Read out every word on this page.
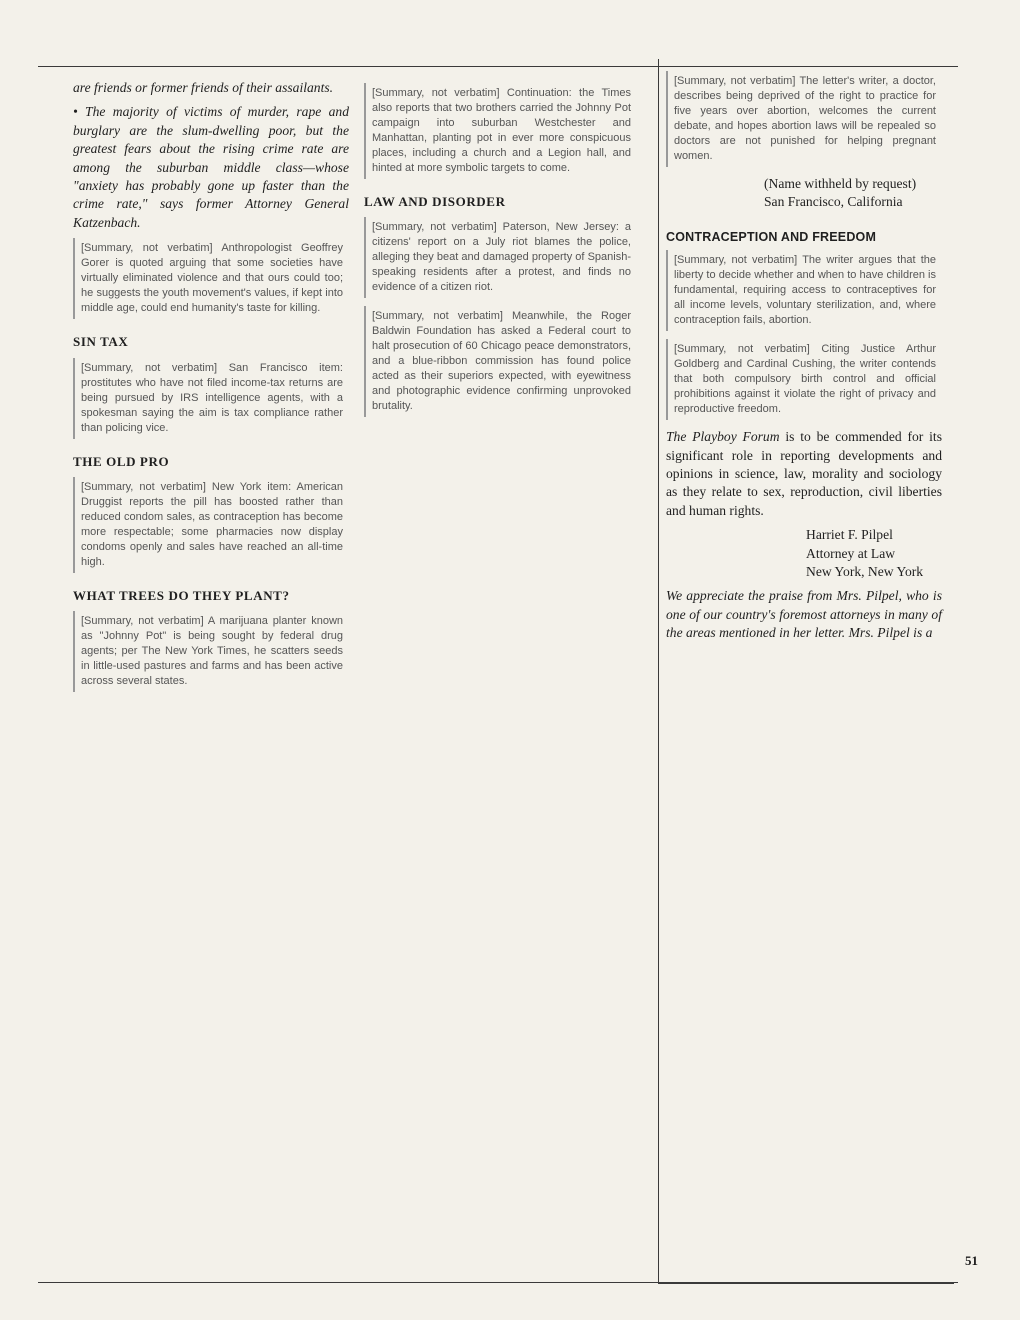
are friends or former friends of their assailants.

• The majority of victims of murder, rape and burglary are the slum-dwelling poor, but the greatest fears about the rising crime rate are among the suburban middle class—whose "anxiety has probably gone up faster than the crime rate," says former Attorney General Katzenbach.

[Summary, not verbatim] Anthropologist Geoffrey Gorer is quoted arguing that some societies have virtually eliminated violence and that ours could too; he suggests the youth movement's values, if kept into middle age, could end humanity's taste for killing.

SIN TAX

[Summary, not verbatim] San Francisco item: prostitutes who have not filed income-tax returns are being pursued by IRS intelligence agents, with a spokesman saying the aim is tax compliance rather than policing vice.

THE OLD PRO

[Summary, not verbatim] New York item: American Druggist reports the pill has boosted rather than reduced condom sales, as contraception has become more respectable; some pharmacies now display condoms openly and sales have reached an all-time high.

WHAT TREES DO THEY PLANT?

[Summary, not verbatim] A marijuana planter known as "Johnny Pot" is being sought by federal drug agents; per The New York Times, he scatters seeds in little-used pastures and farms and has been active across several states.

[Summary, not verbatim] Continuation: the Times also reports that two brothers carried the Johnny Pot campaign into suburban Westchester and Manhattan, planting pot in ever more conspicuous places, including a church and a Legion hall, and hinted at more symbolic targets to come.

LAW AND DISORDER

[Summary, not verbatim] Paterson, New Jersey: a citizens' report on a July riot blames the police, alleging they beat and damaged property of Spanish-speaking residents after a protest, and finds no evidence of a citizen riot.

[Summary, not verbatim] Meanwhile, the Roger Baldwin Foundation has asked a Federal court to halt prosecution of 60 Chicago peace demonstrators, and a blue-ribbon commission has found police acted as their superiors expected, with eyewitness and photographic evidence confirming unprovoked brutality.

[Summary, not verbatim] The letter's writer, a doctor, describes being deprived of the right to practice for five years over abortion, welcomes the current debate, and hopes abortion laws will be repealed so doctors are not punished for helping pregnant women.

(Name withheld by request)
San Francisco, California
CONTRACEPTION AND FREEDOM

[Summary, not verbatim] The writer argues that the liberty to decide whether and when to have children is fundamental, requiring access to contraceptives for all income levels, voluntary sterilization, and, where contraception fails, abortion.

[Summary, not verbatim] Citing Justice Arthur Goldberg and Cardinal Cushing, the writer contends that both compulsory birth control and official prohibitions against it violate the right of privacy and reproductive freedom.

The Playboy Forum is to be commended for its significant role in reporting developments and opinions in science, law, morality and sociology as they relate to sex, reproduction, civil liberties and human rights.

Harriet F. Pilpel
Attorney at Law
New York, New York

We appreciate the praise from Mrs. Pilpel, who is one of our country's foremost attorneys in many of the areas mentioned in her letter. Mrs. Pilpel is a

51
